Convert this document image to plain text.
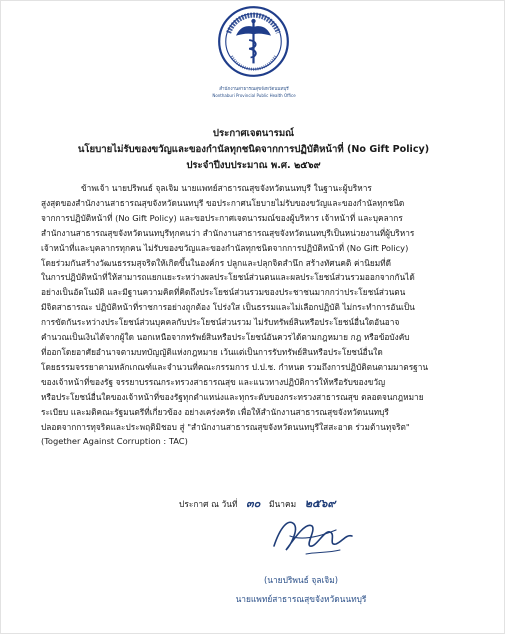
สำนักงานสาธารณสุขจังหวัดนนทบุรี
Nonthaburi Provincial Public Health Office
ประกาศเจตนารมณ์
นโยบายไม่รับของขวัญและของกำนัลทุกชนิดจากการปฏิบัติหน้าที่ (No Gift Policy)
ประจำปีงบประมาณ พ.ศ. ๒๕๖๙
ข้าพเจ้า นายปริพนธ์ จุลเจิม นายแพทย์สาธารณสุขจังหวัดนนทบุรี ในฐานะผู้บริหาร
สูงสุดของสำนักงานสาธารณสุขจังหวัดนนทบุรี ขอประกาศนโยบายไม่รับของขวัญและของกำนัลทุกชนิด
จากการปฏิบัติหน้าที่ (No Gift Policy) และขอประกาศเจตนารมณ์ของผู้บริหาร เจ้าหน้าที่ และบุคลากร
สำนักงานสาธารณสุขจังหวัดนนทบุรีทุกคนว่า สำนักงานสาธารณสุขจังหวัดนนทบุรีเป็นหน่วยงานที่ผู้บริหาร
เจ้าหน้าที่และบุคลากรทุกคน ไม่รับของขวัญและของกำนัลทุกชนิดจากการปฏิบัติหน้าที่ (No Gift Policy)
โดยร่วมกันสร้างวัฒนธรรมสุจริตให้เกิดขึ้นในองค์กร ปลูกและปลุกจิตสำนึก สร้างทัศนคติ ค่านิยมที่ดี
ในการปฏิบัติหน้าที่ให้สามารถแยกแยะระหว่างผลประโยชน์ส่วนตนและผลประโยชน์ส่วนรวมออกจากกันได้
อย่างเป็นอัตโนมัติ และมีฐานความคิดที่คิดถึงประโยชน์ส่วนรวมของประชาชนมากกว่าประโยชน์ส่วนตน
มีจิตสาธารณะ ปฏิบัติหน้าที่ราชการอย่างถูกต้อง โปร่งใส เป็นธรรมและไม่เลือกปฏิบัติ ไม่กระทำการอันเป็น
การขัดกันระหว่างประโยชน์ส่วนบุคคลกับประโยชน์ส่วนรวม ไม่รับทรัพย์สินหรือประโยชน์อื่นใดอันอาจ
คำนวณเป็นเงินได้จากผู้ใด นอกเหนือจากทรัพย์สินหรือประโยชน์อันควรได้ตามกฎหมาย กฎ หรือข้อบังคับ
ที่ออกโดยอาศัยอำนาจตามบทบัญญัติแห่งกฎหมาย เว้นแต่เป็นการรับทรัพย์สินหรือประโยชน์อื่นใด
โดยธรรมจรรยาตามหลักเกณฑ์และจำนวนที่คณะกรรมการ ป.ป.ช. กำหนด รวมถึงการปฏิบัติตนตามมาตรฐาน
ของเจ้าหน้าที่ของรัฐ จรรยาบรรณกระทรวงสาธารณสุข และแนวทางปฏิบัติการให้หรือรับของขวัญ
หรือประโยชน์อื่นใดของเจ้าหน้าที่ของรัฐทุกตำแหน่งและทุกระดับของกระทรวงสาธารณสุข ตลอดจนกฎหมาย
ระเบียบ และมติคณะรัฐมนตรีที่เกี่ยวข้อง อย่างเคร่งครัด เพื่อให้สำนักงานสาธารณสุขจังหวัดนนทบุรี
ปลอดจากการทุจริตและประพฤติมิชอบ สู่ "สำนักงานสาธารณสุขจังหวัดนนทบุรีใสสะอาด ร่วมต้านทุจริต"
(Together Against Corruption : TAC)
ประกาศ ณ วันที่ ๓๐ มีนาคม ๒๕๖๙
(นายปริพนธ์ จุลเจิม)
นายแพทย์สาธารณสุขจังหวัดนนทบุรี
